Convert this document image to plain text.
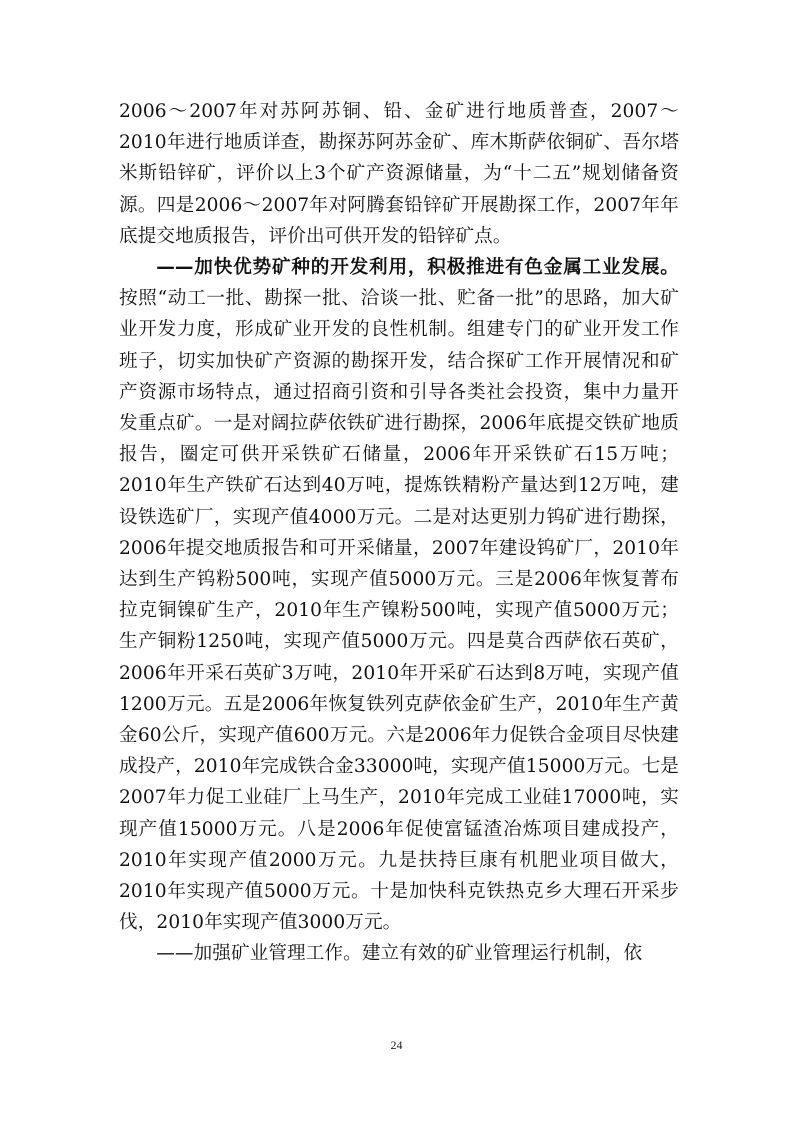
2006～2007年对苏阿苏铜、铅、金矿进行地质普查，2007～2010年进行地质详查，勘探苏阿苏金矿、库木斯萨依铜矿、吾尔塔米斯铅锌矿，评价以上3个矿产资源储量，为“十二五”规划储备资源。四是2006～2007年对阿腾套铅锌矿开展勘探工作，2007年年底提交地质报告，评价出可供开发的铅锌矿点。

——加快优势矿种的开发利用，积极推进有色金属工业发展。按照“动工一批、勘探一批、洽谈一批、贮备一批”的思路，加大矿业开发力度，形成矿业开发的良性机制。组建专门的矿业开发工作班子，切实加快矿产资源的勘探开发，结合探矿工作开展情况和矿产资源市场特点，通过招商引资和引导各类社会投资，集中力量开发重点矿。一是对阔拉萨依铁矿进行勘探，2006年底提交铁矿地质报告，圈定可供开采铁矿石储量，2006年开采铁矿石15万吨；2010年生产铁矿石达到40万吨，提炼铁精粉产量达到12万吨，建设铁选矿厂，实现产值4000万元。二是对达更别力钨矿进行勘探，2006年提交地质报告和可开采储量，2007年建设钨矿厂，2010年达到生产钨粉500吨，实现产值5000万元。三是2006年恢复菁布拉克铜镍矿生产，2010年生产镍粉500吨，实现产值5000万元；生产铜粉1250吨，实现产值5000万元。四是莫合西萨依石英矿，2006年开采石英矿3万吨，2010年开采矿石达到8万吨，实现产值1200万元。五是2006年恢复铁列克萨依金矿生产，2010年生产黄金60公斤，实现产值600万元。六是2006年力促铁合金项目尽快建成投产，2010年完成铁合金33000吨，实现产值15000万元。七是2007年力促工业硅厂上马生产，2010年完成工业硅17000吨，实现产值15000万元。八是2006年促使富锰渣冶炼项目建成投产，2010年实现产值2000万元。九是扶持巨康有机肥业项目做大，2010年实现产值5000万元。十是加快科克铁热克乡大理石开采步伐，2010年实现产值3000万元。

——加强矿业管理工作。建立有效的矿业管理运行机制，依

24
